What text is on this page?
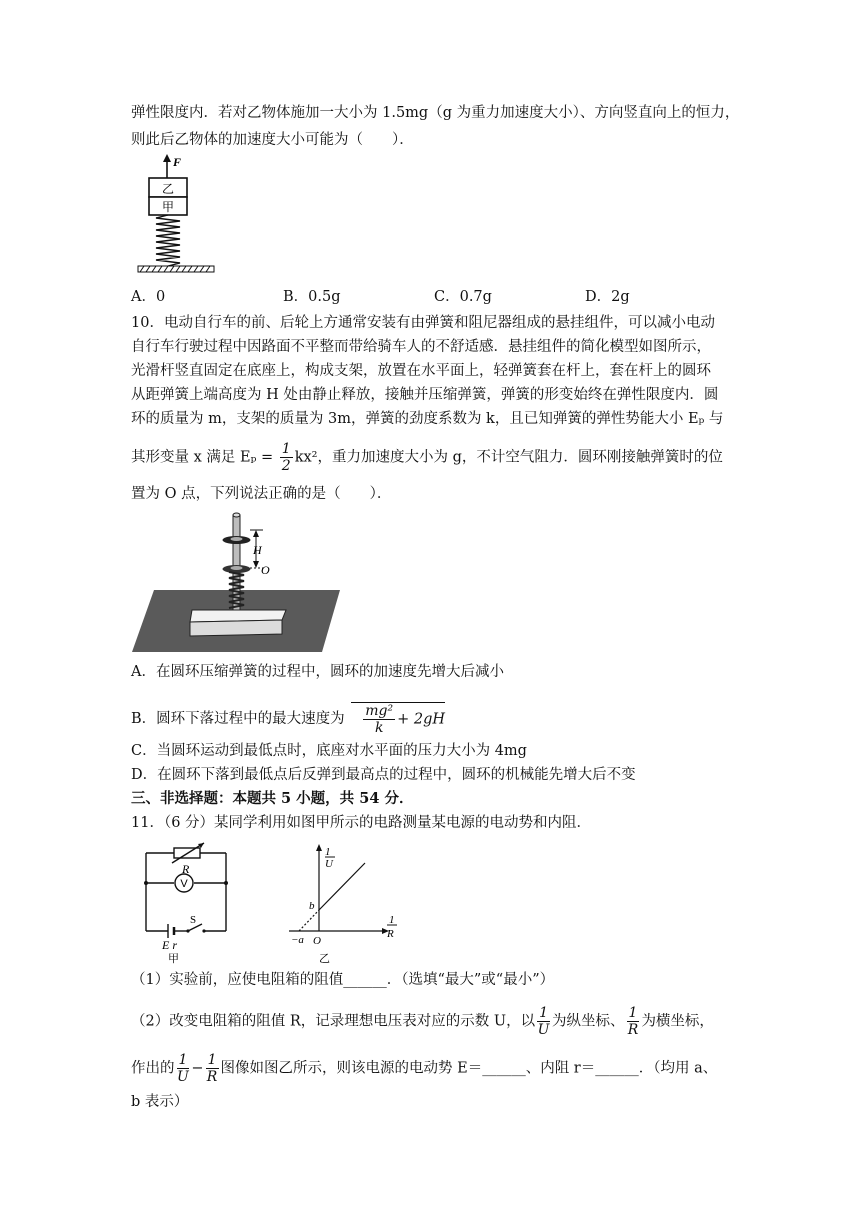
弹性限度内．若对乙物体施加一大小为 1.5mg（g 为重力加速度大小）、方向竖直向上的恒力，
则此后乙物体的加速度大小可能为（　　）．
F
乙
甲
A．0	B．0.5g	C．0.7g	D．2g
10．电动自行车的前、后轮上方通常安装有由弹簧和阻尼器组成的悬挂组件，可以减小电动
自行车行驶过程中因路面不平整而带给骑车人的不舒适感．悬挂组件的简化模型如图所示，
光滑杆竖直固定在底座上，构成支架，放置在水平面上，轻弹簧套在杆上，套在杆上的圆环
从距弹簧上端高度为 H 处由静止释放，接触并压缩弹簧，弹簧的形变始终在弹性限度内．圆
环的质量为 m，支架的质量为 3m，弹簧的劲度系数为 k，且已知弹簧的弹性势能大小 Eₚ 与
其形变量 x 满足 $E_p = \frac{1}{2} kx^2$，重力加速度大小为 g，不计空气阻力．圆环刚接触弹簧时的位
置为 O 点，下列说法正确的是（　　）．
H
O
A．在圆环压缩弹簧的过程中，圆环的加速度先增大后减小
B．圆环下落过程中的最大速度为 $\frac{\text{mg²}}{k} + 2gH$
C．当圆环运动到最低点时，底座对水平面的压力大小为 4mg
D．在圆环下落到最低点后反弹到最高点的过程中，圆环的机械能先增大后不变
三、非选择题：本题共 5 小题，共 54 分．
11．（6 分）某同学利用如图甲所示的电路测量某电源的电动势和内阻．
R
V
S
E r
甲
1
U
1
R
b
−a O
乙
（1）实验前，应使电阻箱的阻值______．（选填“最大”或“最小”）
（2）改变电阻箱的阻值 R，记录理想电压表对应的示数 U，以 $\frac{1}{U}$ 为纵坐标、 $\frac{1}{R}$ 为横坐标，
作出的 $\frac{1}{U} - \frac{1}{R}$ 图像如图乙所示，则该电源的电动势 E＝______、内阻 r＝______．（均用 a、
b 表示）
